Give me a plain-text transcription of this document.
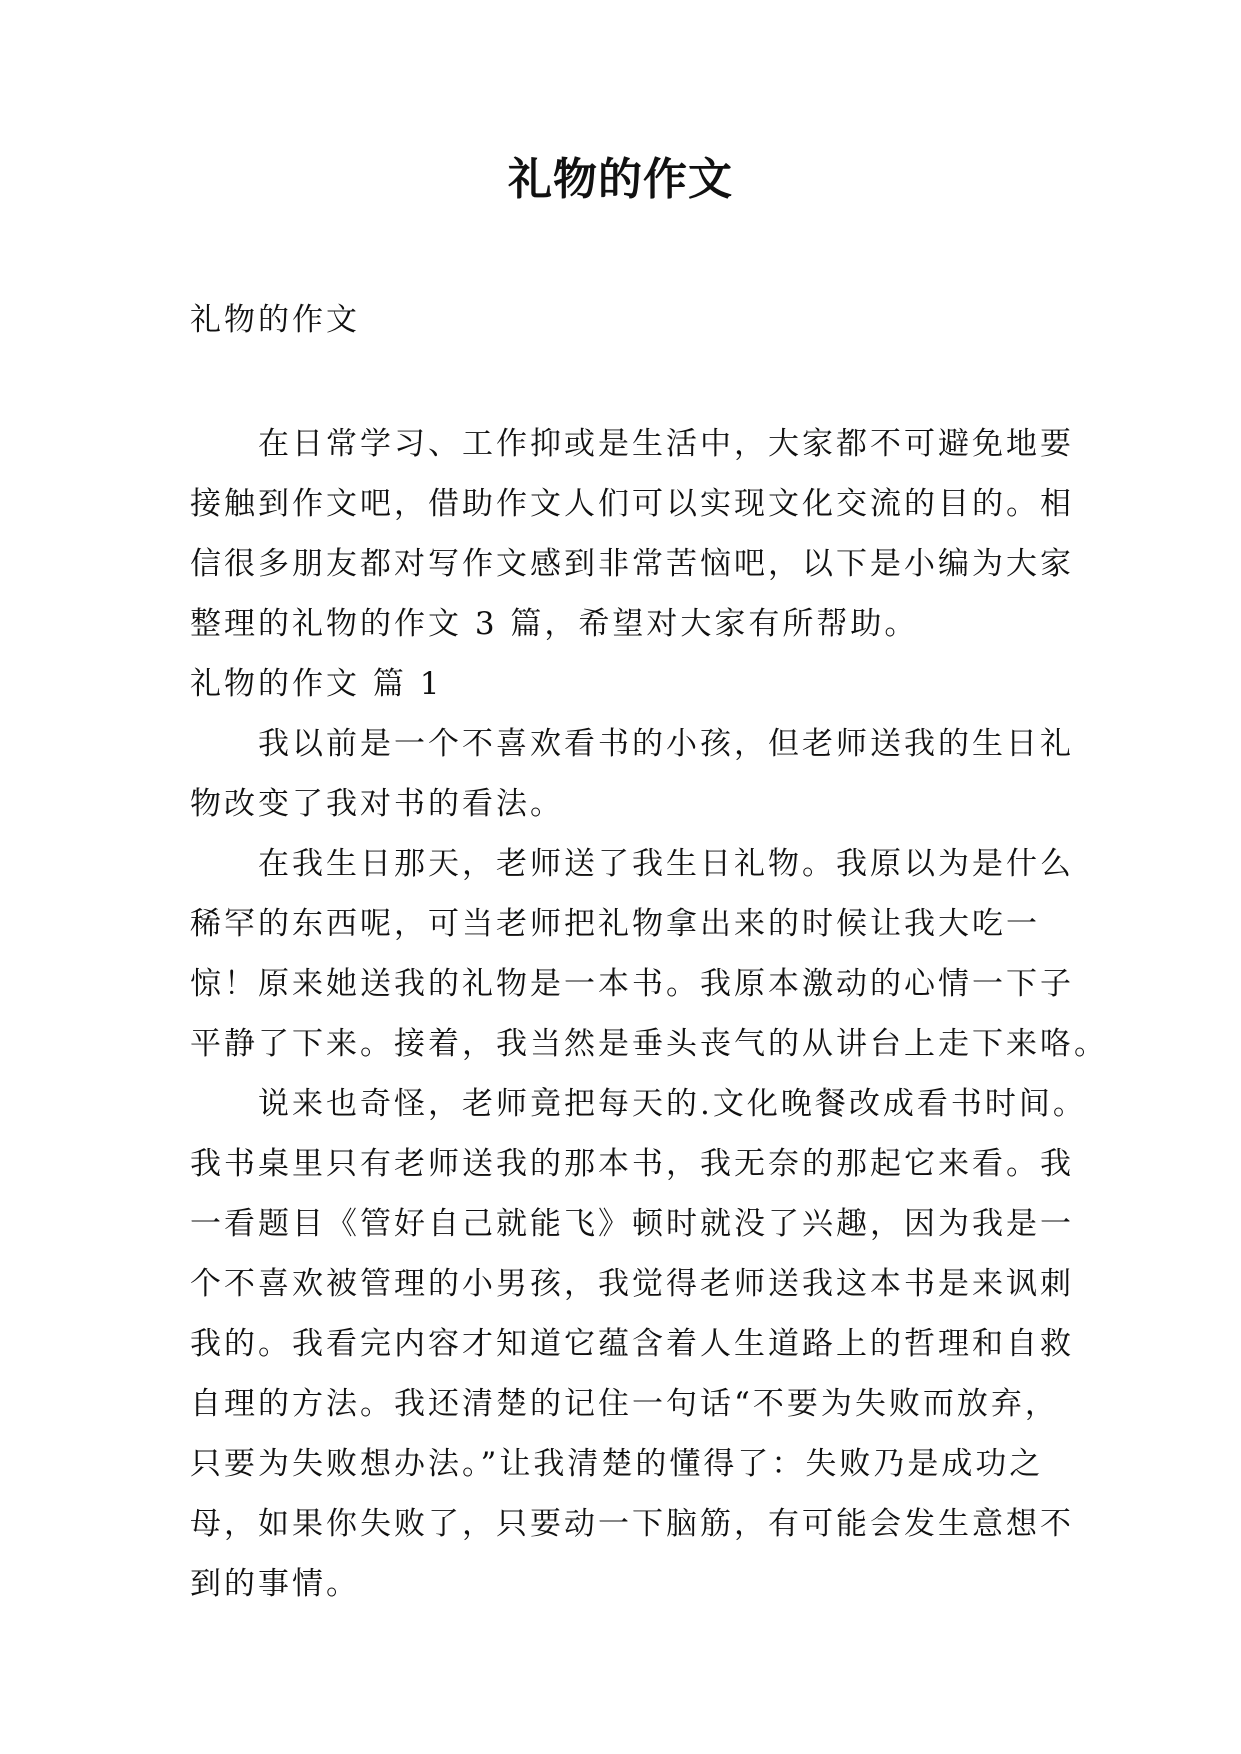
礼物的作文
礼物的作文
　　在日常学习、工作抑或是生活中，大家都不可避免地要
接触到作文吧，借助作文人们可以实现文化交流的目的。相
信很多朋友都对写作文感到非常苦恼吧，以下是小编为大家
整理的礼物的作文 3 篇，希望对大家有所帮助。
礼物的作文 篇 1
　　我以前是一个不喜欢看书的小孩，但老师送我的生日礼
物改变了我对书的看法。
　　在我生日那天，老师送了我生日礼物。我原以为是什么
稀罕的东西呢，可当老师把礼物拿出来的时候让我大吃一
惊！原来她送我的礼物是一本书。我原本激动的心情一下子
平静了下来。接着，我当然是垂头丧气的从讲台上走下来咯。
　　说来也奇怪，老师竟把每天的.文化晚餐改成看书时间。
我书桌里只有老师送我的那本书，我无奈的那起它来看。我
一看题目《管好自己就能飞》顿时就没了兴趣，因为我是一
个不喜欢被管理的小男孩，我觉得老师送我这本书是来讽刺
我的。我看完内容才知道它蕴含着人生道路上的哲理和自救
自理的方法。我还清楚的记住一句话“不要为失败而放弃，
只要为失败想办法。”让我清楚的懂得了：失败乃是成功之
母，如果你失败了，只要动一下脑筋，有可能会发生意想不
到的事情。
